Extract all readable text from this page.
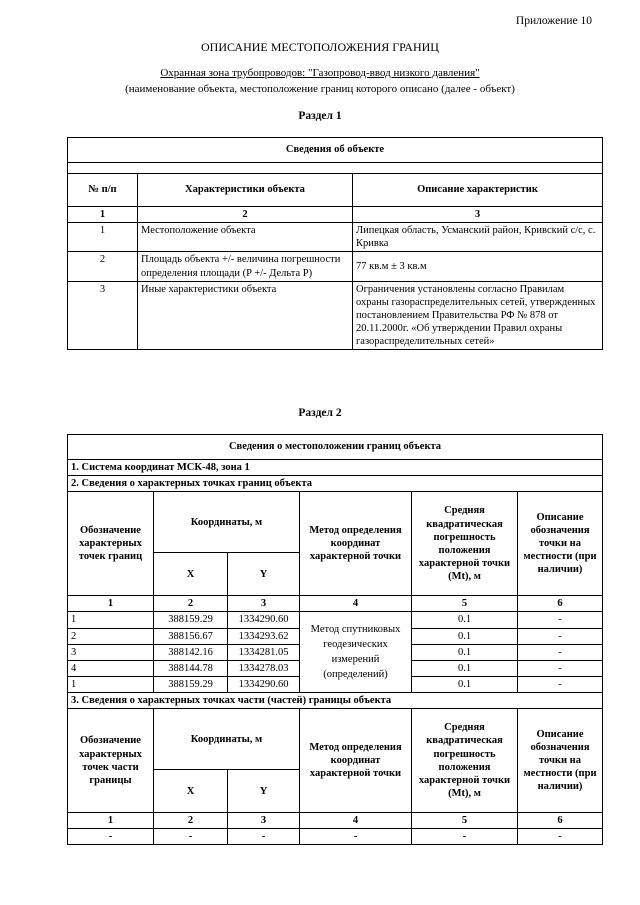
Приложение 10
ОПИСАНИЕ МЕСТОПОЛОЖЕНИЯ ГРАНИЦ
Охранная зона трубопроводов: "Газопровод-ввод низкого давления"
(наименование объекта, местоположение границ которого описано (далее - объект)
Раздел 1
Сведения об объекте		

№ п/п	Характеристики объекта	Описание характеристик
1	2	3
1	Местоположение объекта	Липецкая область, Усманский район, Кривский с/с, с. Кривка
2	Площадь объекта +/- величина погрешности определения площади (P +/- Дельта P)	77 кв.м ± 3 кв.м
3	Иные характеристики объекта	Ограничения установлены согласно Правилам охраны газораспределительных сетей, утвержденных постановлением Правительства РФ № 878 от 20.11.2000г. «Об утверждении Правил охраны газораспределительных сетей»
Раздел 2
Сведения о местоположении границ объекта					
1. Система координат МСК-48, зона 1					
2. Сведения о характерных точках границ объекта					
Обозначение характерных точек границ	Координаты, м		Метод определения координат характерной точки	Средняя квадратическая погрешность положения характерной точки (Mt), м	Описание обозначения точки на местности (при наличии)
	X	Y			
1	2	3	4	5	6
1	388159.29	1334290.60	Метод спутниковых геодезических измерений (определений)	0.1	-
2	388156.67	1334293.62		0.1	-
3	388142.16	1334281.05		0.1	-
4	388144.78	1334278.03		0.1	-
1	388159.29	1334290.60		0.1	-
3. Сведения о характерных точках части (частей) границы объекта					
Обозначение характерных точек части границы	Координаты, м		Метод определения координат характерной точки	Средняя квадратическая погрешность положения характерной точки (Mt), м	Описание обозначения точки на местности (при наличии)
	X	Y			
1	2	3	4	5	6
-	-	-	-	-	-
